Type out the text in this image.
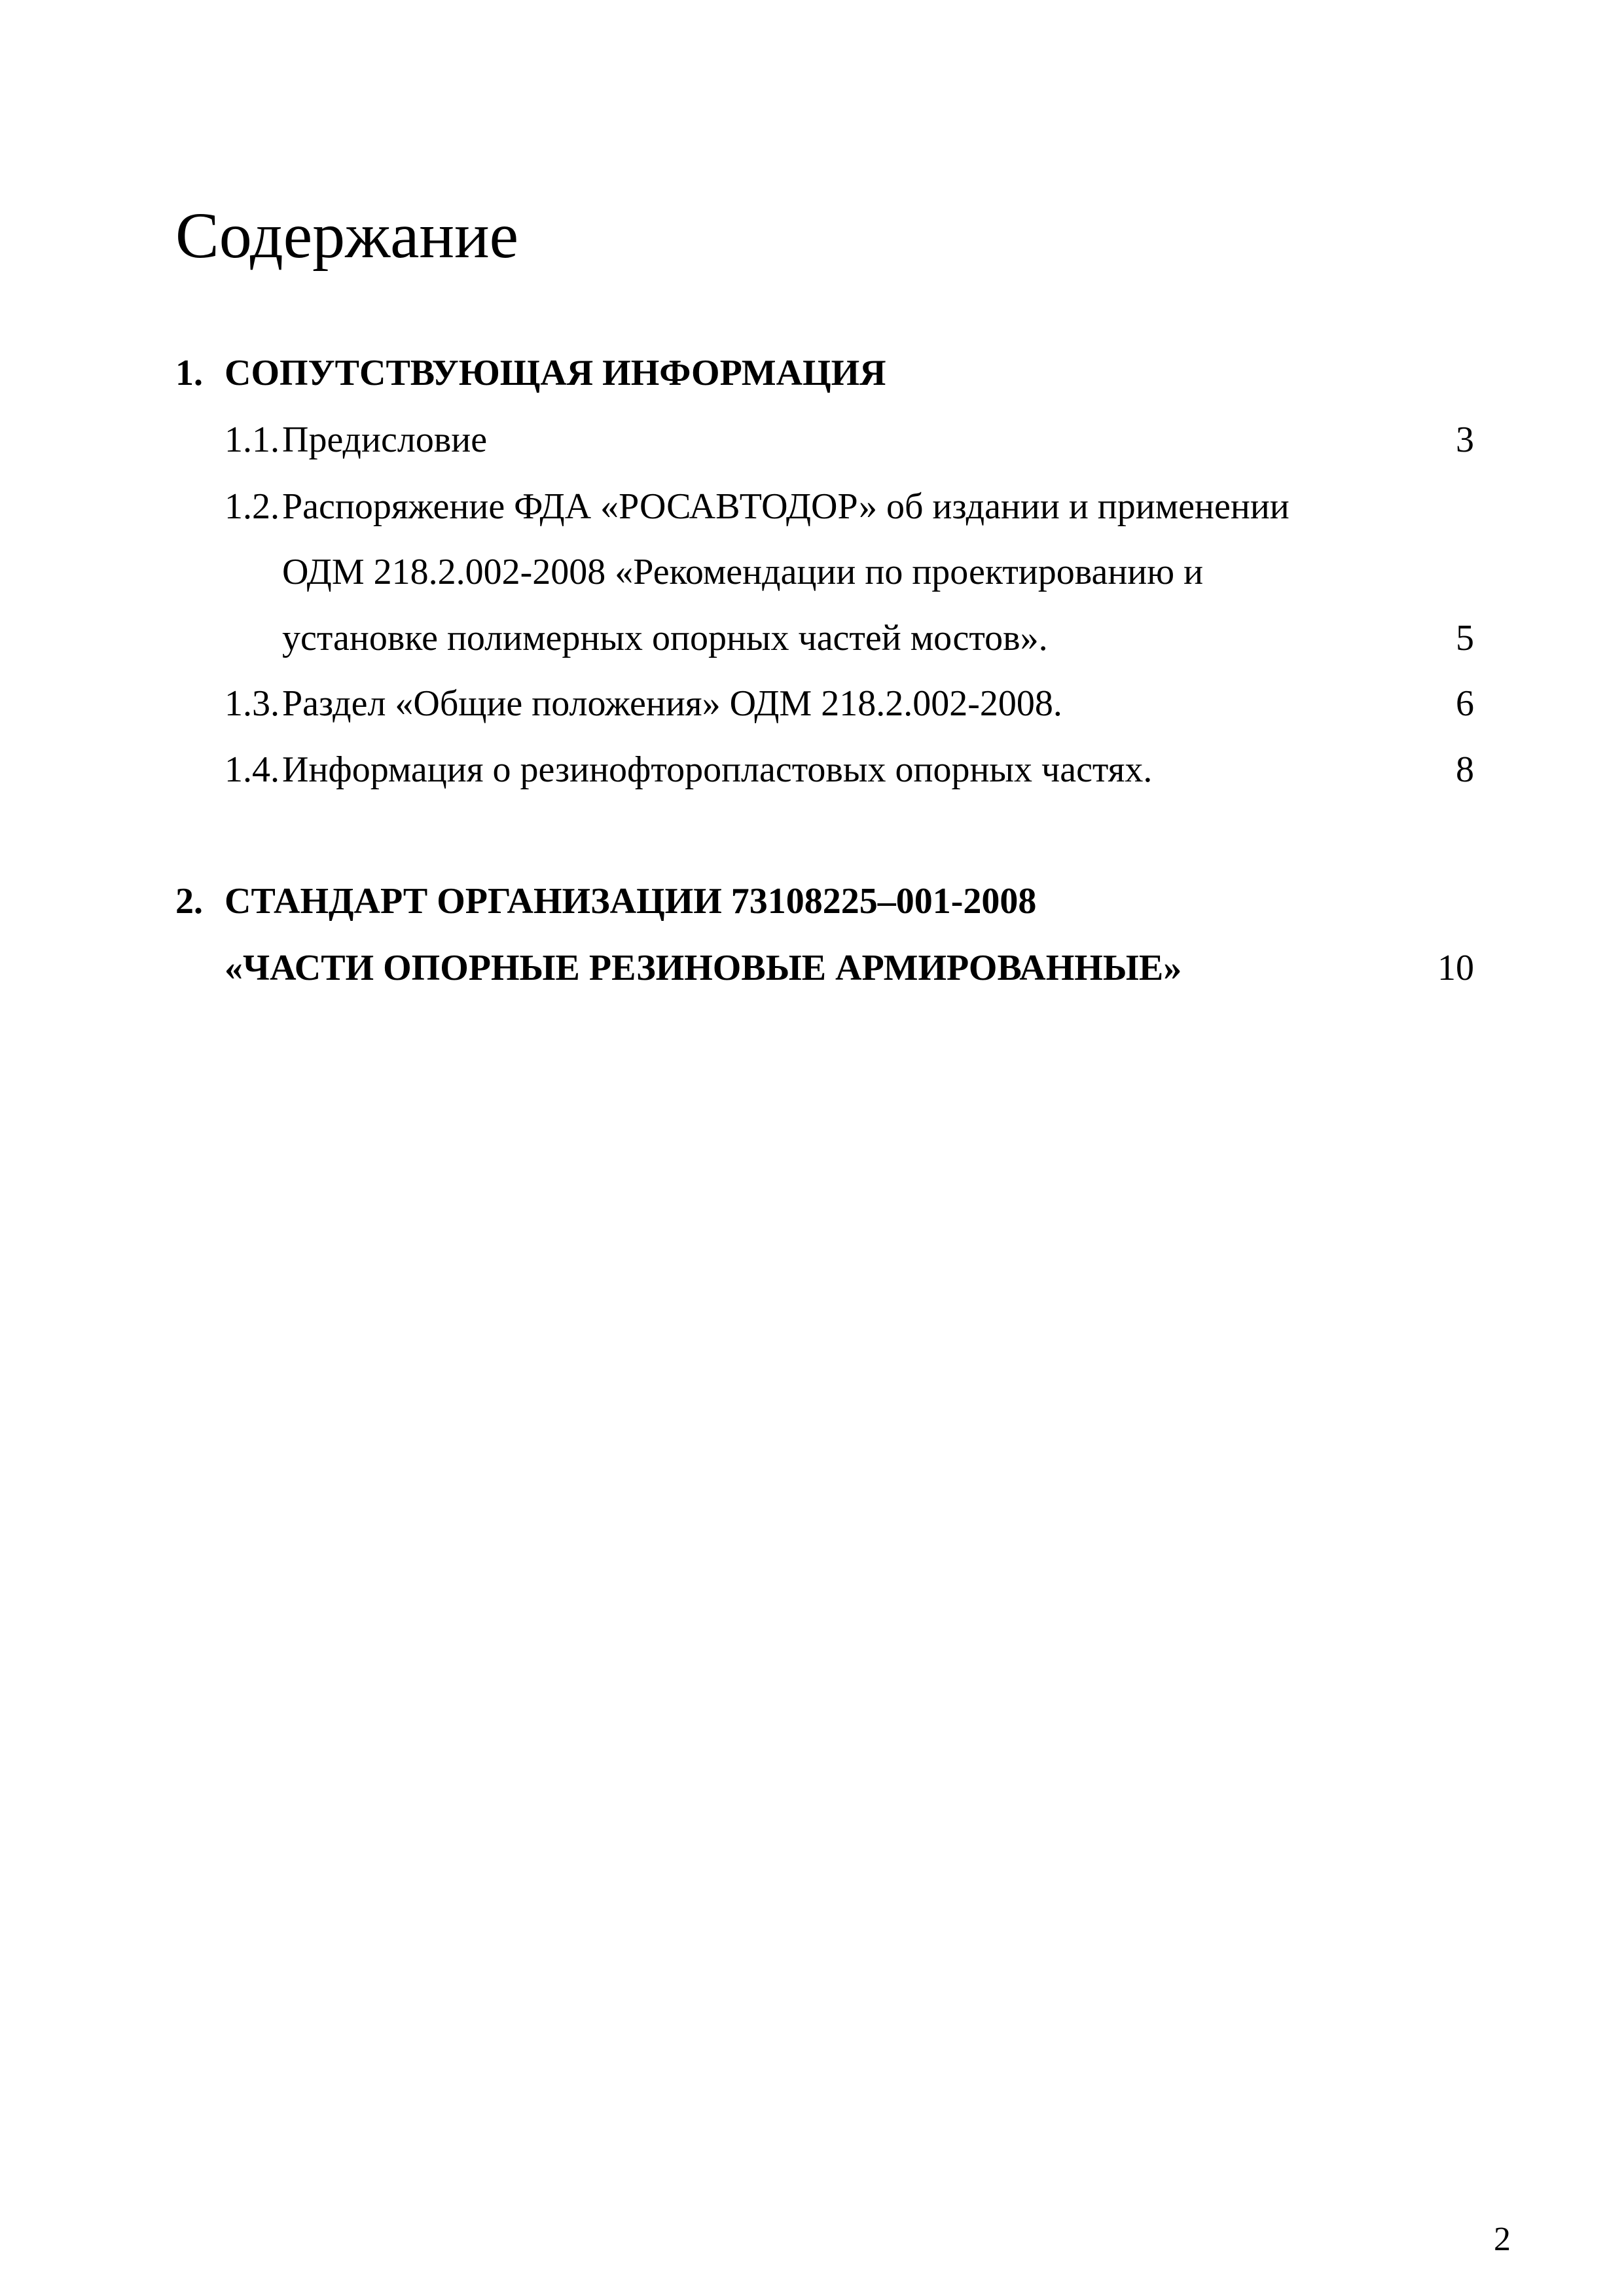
Содержание
1. СОПУТСТВУЮЩАЯ ИНФОРМАЦИЯ
1.1. Предисловие	3
1.2. Распоряжение ФДА «РОСАВТОДОР» об издании и применении
ОДМ 218.2.002-2008 «Рекомендации по проектированию и
установке полимерных опорных частей мостов».	5
1.3. Раздел «Общие положения» ОДМ 218.2.002-2008.	6
1.4. Информация о резинофторопластовых опорных частях.	8
2. СТАНДАРТ ОРГАНИЗАЦИИ 73108225–001-2008
«ЧАСТИ ОПОРНЫЕ РЕЗИНОВЫЕ АРМИРОВАННЫЕ»	10
2
